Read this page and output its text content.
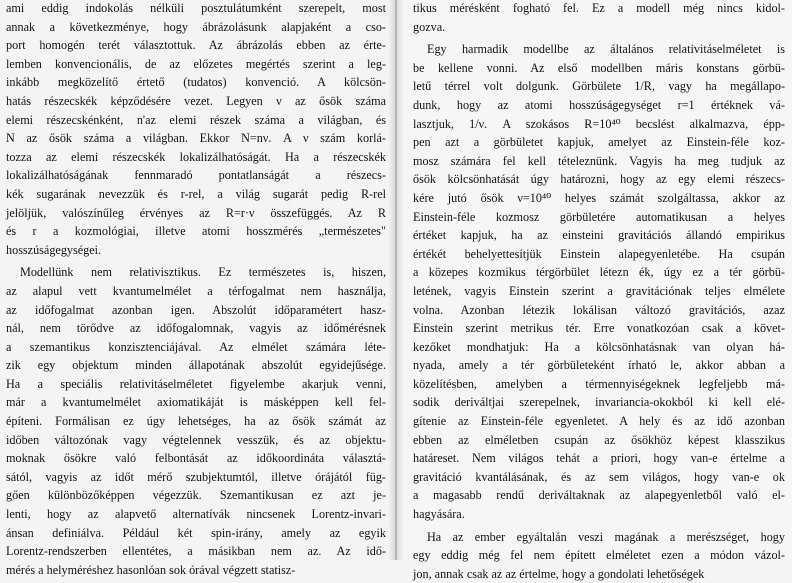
ami eddig indokolás nélküli posztulátumként szerepelt, most
annak a következménye, hogy ábrázolásunk alapjaként a cso-
port homogén terét választottuk. Az ábrázolás ebben az érte-
lemben konvencionális, de az előzetes megértés szerint a leg-
inkább megközelítő értető (tudatos) konvenció. A kölcsön-
hatás részecskék képződésére vezet. Legyen ν az ősök száma
elemi részecskénként, n'az elemi részek száma a világban, és
N az ősök száma a világban. Ekkor N=nν. A ν szám korlá-
tozza az elemi részecskék lokalizálhatóságát. Ha a részecskék
lokalizálhatóságának fennmaradó pontatlanságát a részecs-
kék sugarának nevezzük és r-rel, a világ sugarát pedig R-rel
jelöljük, valószínűleg érvényes az R=r·ν összefüggés. Az R
és r a kozmológiai, illetve atomi hosszmérés „természetes"
hosszúságegységei.
Modellünk nem relativisztikus. Ez természetes is, hiszen,
az alapul vett kvantumelmélet a térfogalmat nem használja,
az időfogalmat azonban igen. Abszolút időparamétert hasz-
nál, nem törődve az időfogalomnak, vagyis az időmérésnek
a szemantikus konzisztenciájával. Az elmélet számára léte-
zik egy objektum minden állapotának abszolút egyidejűsége.
Ha a speciális relativitáselméletet figyelembe akarjuk venni,
már a kvantumelmélet axiomatikáját is másképpen kell fel-
építeni. Formálisan ez úgy lehetséges, ha az ősök számát az
időben változónak vagy végtelennek vesszük, és az objektu-
moknak ősökre való felbontását az időkoordináta választá-
sától, vagyis az időt mérő szubjektumtól, illetve órájától füg-
gően különbözőképpen végezzük. Szemantikusan ez azt je-
lenti, hogy az alapvető alternatívák nincsenek Lorentz-invari-
ánsan definiálva. Például két spin-irány, amely az egyik
Lorentz-rendszerben ellentétes, a másikban nem az. Az idő-
mérés a helyméréshez hasonlóan sok órával végzett statisz-
tikus mérésként fogható fel. Ez a modell még nincs kidol-
gozva.
Egy harmadik modellbe az általános relativitáselméletet is
be kellene vonni. Az első modellben máris konstans görbü-
letű térrel volt dolgunk. Görbülete 1/R, vagy ha megállapo-
dunk, hogy az atomi hosszúságegységet r=1 értéknek vá-
lasztjuk, 1/ν. A szokásos R=10⁴⁰ becslést alkalmazva, épp-
pen azt a görbületet kapjuk, amelyet az Einstein-féle koz-
mosz számára fel kell tételeznünk. Vagyis ha meg tudjuk az
ősök kölcsönhatását úgy határozni, hogy az egy elemi részecs-
kére jutó ősök ν=10⁴⁰ helyes számát szolgáltassa, akkor az
Einstein-féle kozmosz görbületére automatikusan a helyes
értéket kapjuk, ha az einsteini gravitációs állandó empirikus
értékét behelyettesítjük Einstein alapegyenletébe. Ha csupán
a közepes kozmikus térgörbület létezn ék, úgy ez a tér görbü-
letének, vagyis Einstein szerint a gravitációnak teljes elmélete
volna. Azonban létezik lokálisan változó gravitációs, azaz
Einstein szerint metrikus tér. Erre vonatkozóan csak a követ-
kezőket mondhatjuk: Ha a kölcsönhatásnak van olyan há-
nyada, amely a tér görbületeként írható le, akkor abban a
közelítésben, amelyben a térmennyiségeknek legfeljebb má-
sodik deriváltjai szerepelnek, invariancia-okokból ki kell elé-
gítenie az Einstein-féle egyenletet. A hely és az idő azonban
ebben az elméletben csupán az ősökhöz képest klasszikus
határeset. Nem világos tehát a priori, hogy van-e értelme a
gravitáció kvantálásának, és az sem világos, hogy van-e ok
a magasabb rendű deriváltaknak az alapegyenletből való el-
hagyására.
Ha az ember egyáltalán veszi magának a merészséget, hogy
egy eddig még fel nem épített elméletet ezen a módon vázol-
jon, annak csak az az értelme, hogy a gondolati lehetőségek
